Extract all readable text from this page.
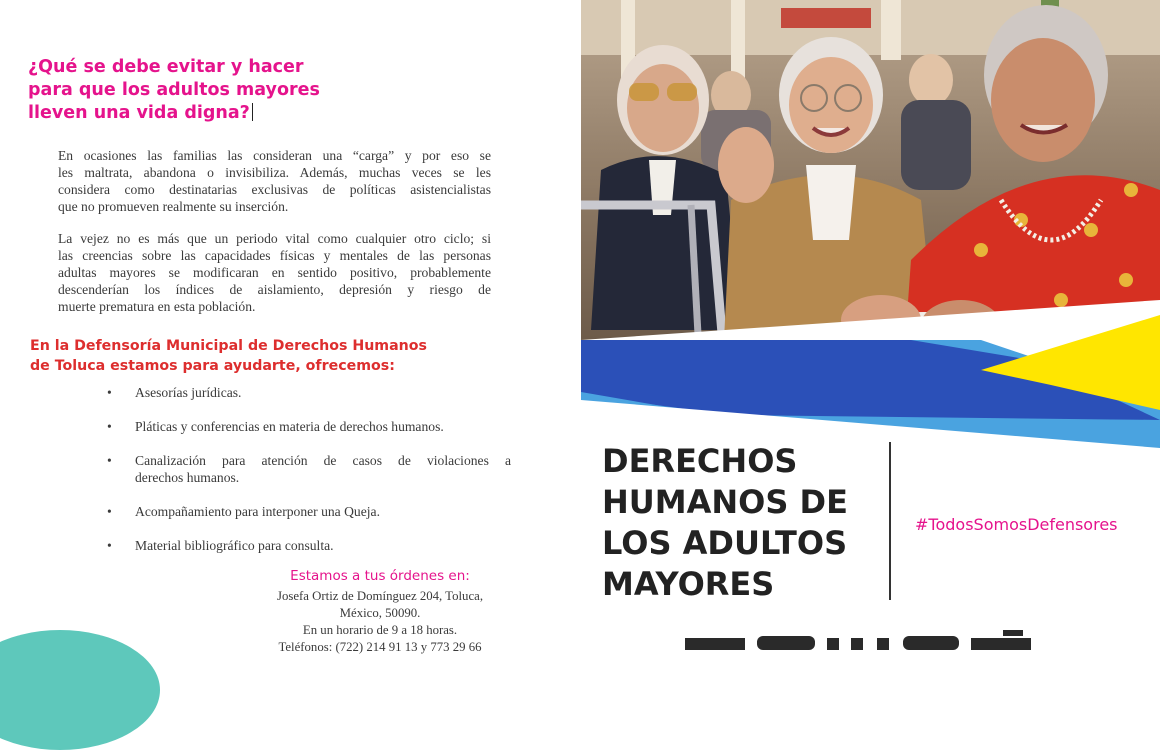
¿Qué se debe evitar y hacer
para que los adultos mayores
lleven una vida digna?
En ocasiones las familias las consideran una “carga” y por eso se
les maltrata, abandona o invisibiliza. Además, muchas veces se les
considera como destinatarias exclusivas de políticas asistencialistas
que no promueven realmente su inserción.
La vejez no es más que un periodo vital como cualquier otro ciclo; si
las creencias sobre las capacidades físicas y mentales de las personas
adultas mayores se modificaran en sentido positivo, probablemente
descenderían los índices de aislamiento, depresión y riesgo de
muerte prematura en esta población.
En la Defensoría Municipal de Derechos Humanos
de Toluca estamos para ayudarte, ofrecemos:
• Asesorías jurídicas.
• Pláticas y conferencias en materia de derechos humanos.
• Canalización para atención de casos de violaciones a
derechos humanos.
• Acompañamiento para interponer una Queja.
• Material bibliográfico para consulta.

Estamos a tus órdenes en:

Josefa Ortiz de Domínguez 204, Toluca,
México, 50090.
En un horario de 9 a 18 horas.
Teléfonos: (722) 214 91 13 y 773 29 66
DERECHOS
HUMANOS DE
LOS ADULTOS
MAYORES

#TodosSomosDefensores
